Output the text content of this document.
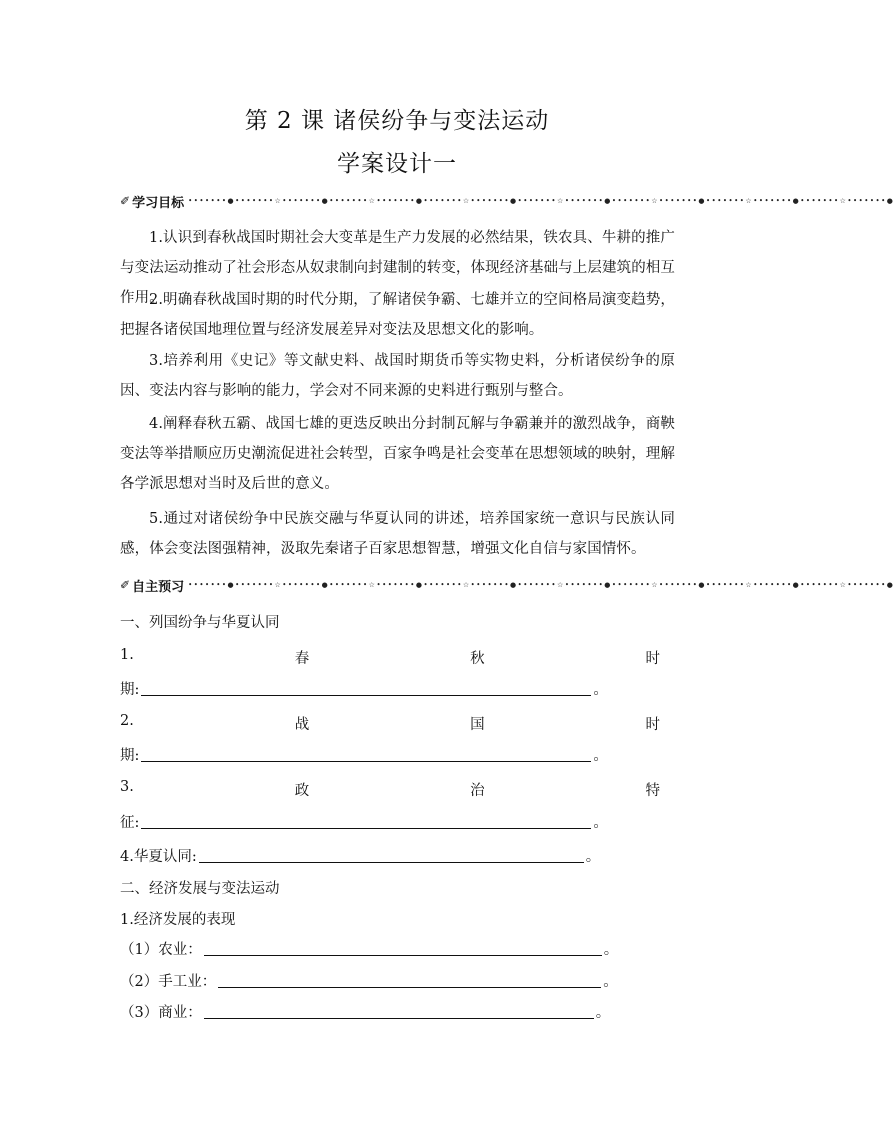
第 2 课 诸侯纷争与变法运动
学案设计一
✐ 学习目标 •••••••●•••••••☆•••••••●•••••••☆•••••••●•••••••☆•••••••●•••••••☆•••••••●•••••••☆•••••••●•••••••☆•••••••●•••••••☆•••••••●
1.认识到春秋战国时期社会大变革是生产力发展的必然结果，铁农具、牛耕的推广与变法运动推动了社会形态从奴隶制向封建制的转变，体现经济基础与上层建筑的相互作用。
2.明确春秋战国时期的时代分期，了解诸侯争霸、七雄并立的空间格局演变趋势，把握各诸侯国地理位置与经济发展差异对变法及思想文化的影响。
3.培养利用《史记》等文献史料、战国时期货币等实物史料，分析诸侯纷争的原因、变法内容与影响的能力，学会对不同来源的史料进行甄别与整合。
4.阐释春秋五霸、战国七雄的更迭反映出分封制瓦解与争霸兼并的激烈战争，商鞅变法等举措顺应历史潮流促进社会转型，百家争鸣是社会变革在思想领域的映射，理解各学派思想对当时及后世的意义。
5.通过对诸侯纷争中民族交融与华夏认同的讲述，培养国家统一意识与民族认同感，体会变法图强精神，汲取先秦诸子百家思想智慧，增强文化自信与家国情怀。
✐ 自主预习 •••••••●•••••••☆•••••••●•••••••☆•••••••●•••••••☆•••••••●•••••••☆•••••••●•••••••☆•••••••●•••••••☆•••••••●•••••••☆•••••••●
一、列国纷争与华夏认同
1.	春	秋	时
期:	。
2.	战	国	时
期:	。
3.	政	治	特
征:	。
4.华夏认同:	。
二、经济发展与变法运动
1.经济发展的表现
（1）农业：	。
（2）手工业：	。
（3）商业：	。
